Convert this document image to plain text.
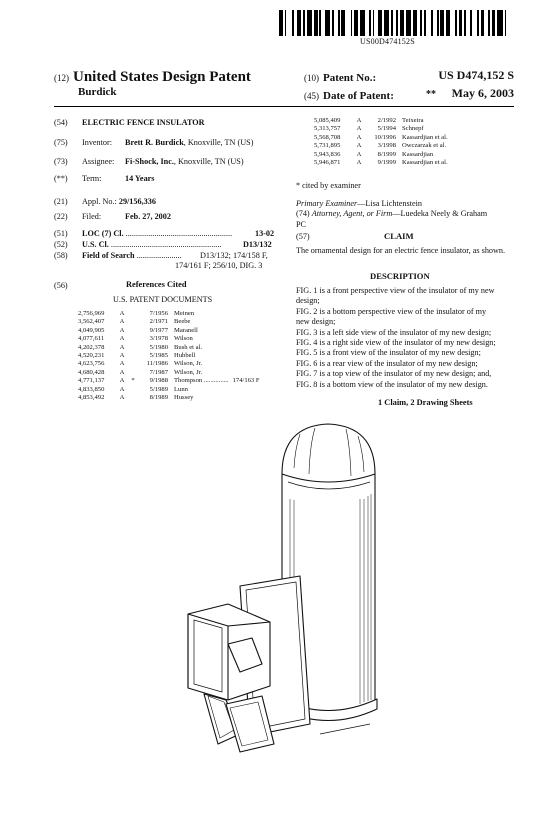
US00D474152S
(12) United States Design Patent
Burdick
(10) Patent No.:	US D474,152 S
(45) Date of Patent:	** May 6, 2003
(54)	ELECTRIC FENCE INSULATOR
(75)	Inventor: Brett R. Burdick, Knoxville, TN (US)
(73)	Assignee: Fi-Shock, Inc., Knoxville, TN (US)
(**)	Term:	14 Years
(21)	Appl. No.: 29/156,336
(22)	Filed:	Feb. 27, 2002
(51)	LOC (7) Cl. ....................................................	13-02
(52)	U.S. Cl. ......................................................	D13/132
(58)	Field of Search ......................	D13/132; 174/158 F,
174/161 F; 256/10, DIG. 3
(56)	References Cited
U.S. PATENT DOCUMENTS
2,756,969	A		7/1956	Meinen	
3,562,407	A		2/1971	Beebe	
4,049,905	A		9/1977	Maranell	
4,077,611	A		3/1978	Wilson	
4,202,378	A		5/1980	Bush et al.	
4,520,231	A		5/1985	Hubbell	
4,623,756	A		11/1986	Wilson, Jr.	
4,680,428	A		7/1987	Wilson, Jr.	
4,771,137	A	*	9/1988	Thompson ...............	174/163 F
4,833,850	A		5/1989	Lunn	
4,853,492	A		8/1989	Hussey	
5,085,409	A	2/1992	Teixeira
5,313,757	A	5/1994	Schnepf
5,568,708	A	10/1996	Kassardjian et al.
5,731,895	A	3/1998	Owczarzak et al.
5,943,836	A	8/1999	Kassardjian
5,946,871	A	9/1999	Kassardjian et al.
* cited by examiner
Primary Examiner—Lisa Lichtenstein
(74) Attorney, Agent, or Firm—Luedeka Neely & Graham
PC
(57)	CLAIM
The ornamental design for an electric fence insulator, as shown.
DESCRIPTION

FIG. 1 is a front perspective view of the insulator of my new

design;

FIG. 2 is a bottom perspective view of the insulator of my

new design;

FIG. 3 is a left side view of the insulator of my new design;

FIG. 4 is a right side view of the insulator of my new design;

FIG. 5 is a front view of the insulator of my new design;

FIG. 6 is a rear view of the insulator of my new design;

FIG. 7 is a top view of the insulator of my new design; and,

FIG. 8 is a bottom view of the insulator of my new design.

1 Claim, 2 Drawing Sheets
